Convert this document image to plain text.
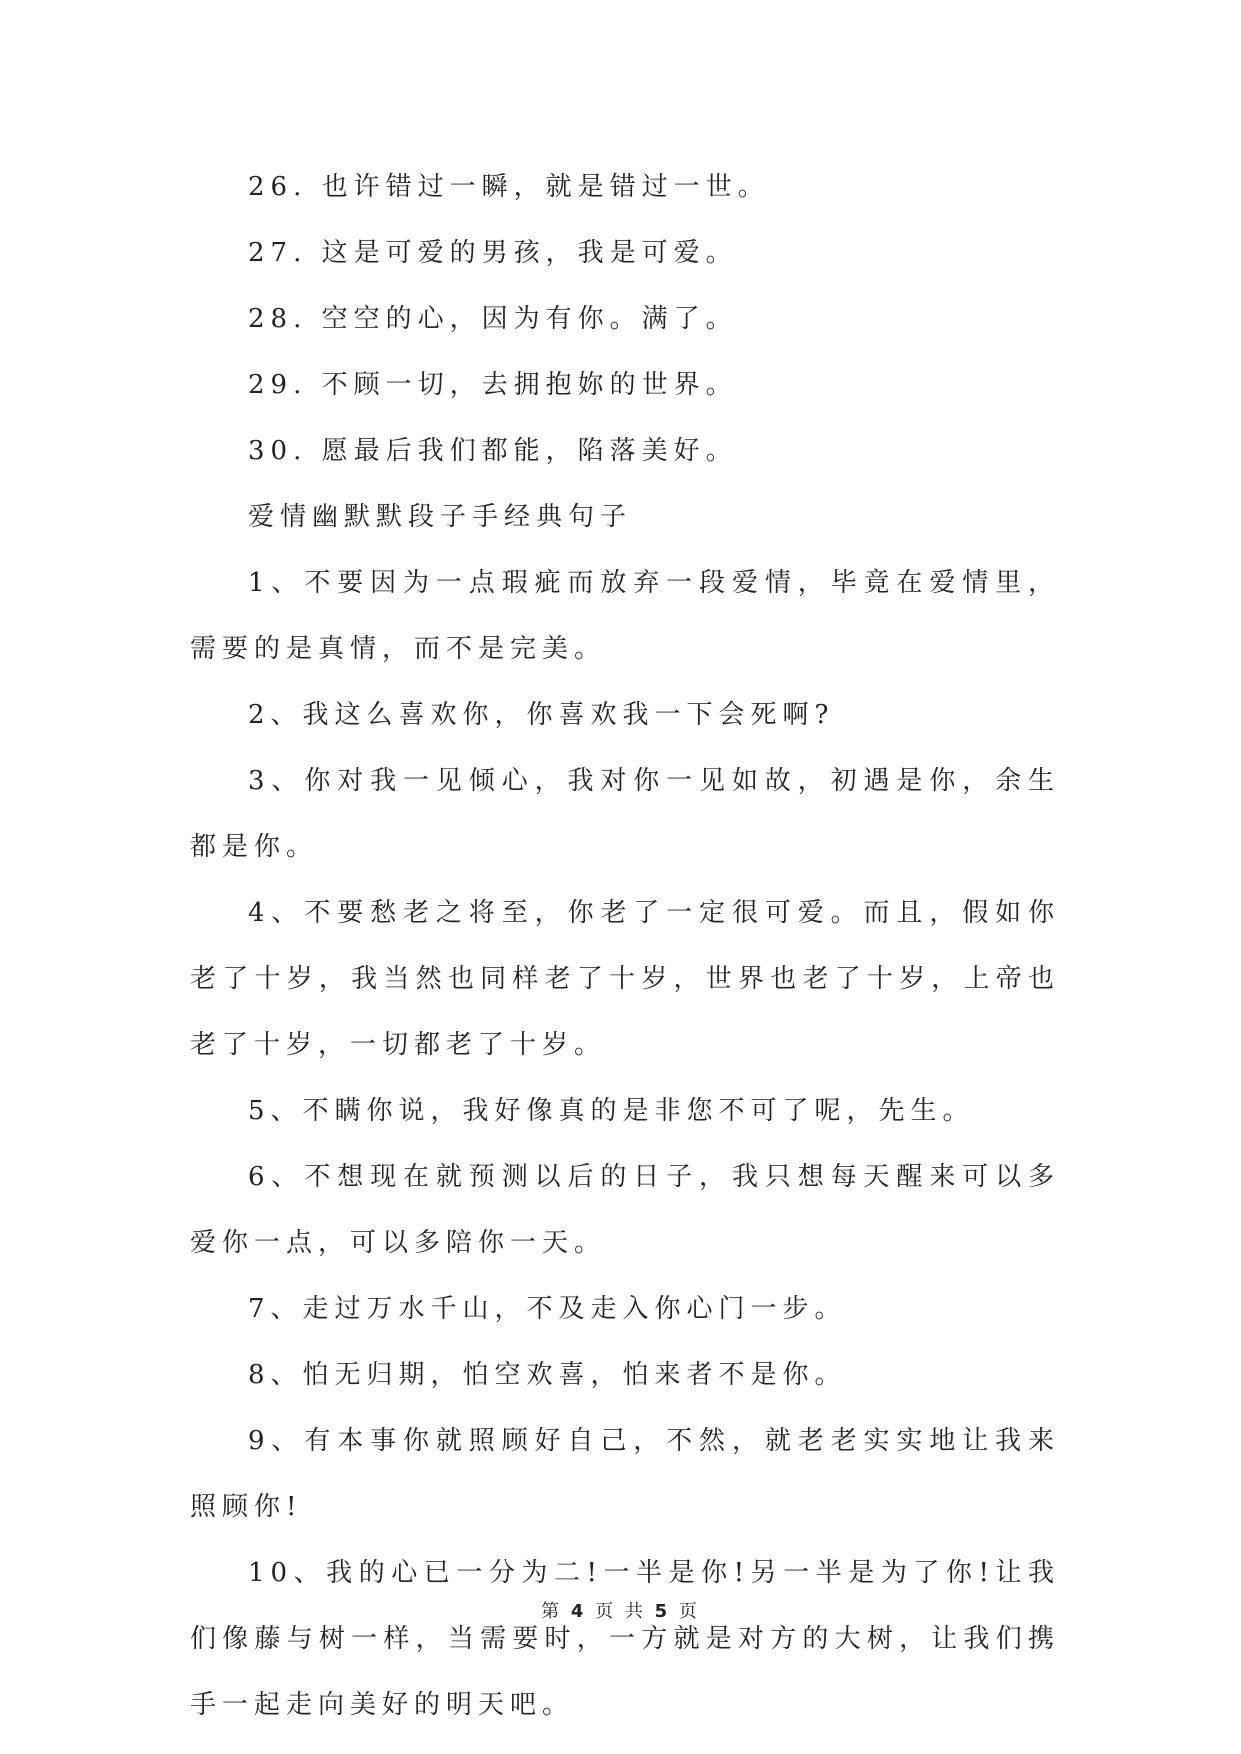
26. 也许错过一瞬，就是错过一世。

27. 这是可爱的男孩，我是可爱。

28. 空空的心，因为有你。满了。

29. 不顾一切，去拥抱妳的世界。

30. 愿最后我们都能，陷落美好。

爱情幽默默段子手经典句子

1、不要因为一点瑕疵而放弃一段爱情，毕竟在爱情里，需要的是真情，而不是完美。

2、我这么喜欢你，你喜欢我一下会死啊?

3、你对我一见倾心，我对你一见如故，初遇是你，余生都是你。

4、不要愁老之将至，你老了一定很可爱。而且，假如你老了十岁，我当然也同样老了十岁，世界也老了十岁，上帝也老了十岁，一切都老了十岁。

5、不瞒你说，我好像真的是非您不可了呢，先生。

6、不想现在就预测以后的日子，我只想每天醒来可以多爱你一点，可以多陪你一天。

7、走过万水千山，不及走入你心门一步。

8、怕无归期，怕空欢喜，怕来者不是你。

9、有本事你就照顾好自己，不然，就老老实实地让我来照顾你!

10、我的心已一分为二!一半是你!另一半是为了你!让我们像藤与树一样，当需要时，一方就是对方的大树，让我们携手一起走向美好的明天吧。

第 4 页 共 5 页
